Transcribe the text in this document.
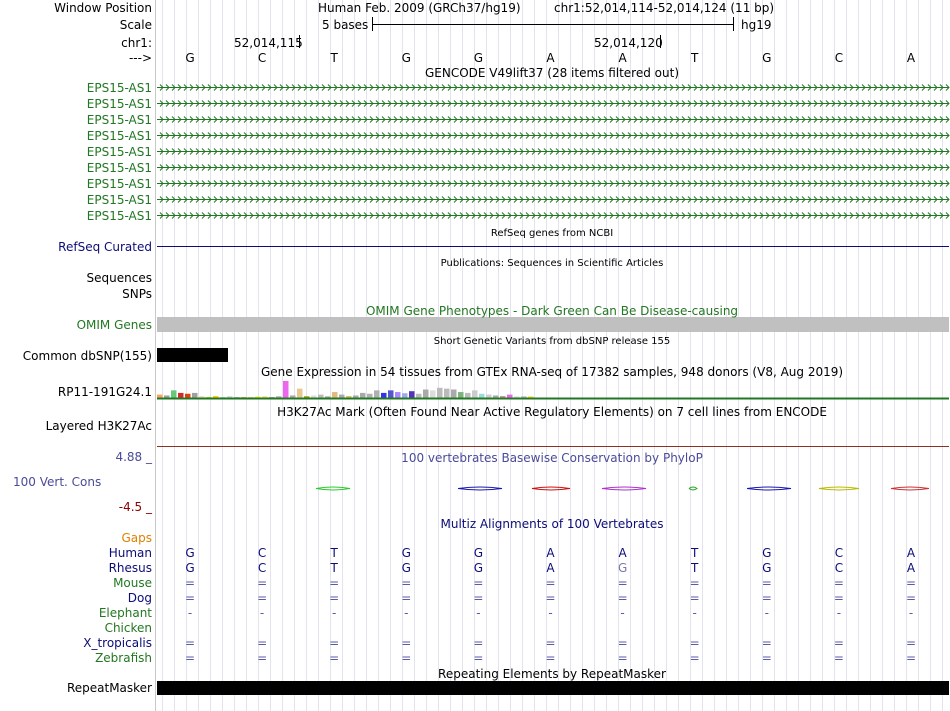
Window Position
Scale
chr1:
--->
Human Feb. 2009 (GRCh37/hg19)	chr1:52,014,114-52,014,124 (11 bp)
5 bases	hg19
52,014,115	52,014,120
G	C	T	G	G	A	A	T	G	C	A
GENCODE V49lift37 (28 items filtered out)
RefSeq genes from NCBI
Publications: Sequences in Scientific Articles
OMIM Gene Phenotypes - Dark Green Can Be Disease-causing
Short Genetic Variants from dbSNP release 155
Gene Expression in 54 tissues from GTEx RNA-seq of 17382 samples, 948 donors (V8, Aug 2019)
H3K27Ac Mark (Often Found Near Active Regulatory Elements) on 7 cell lines from ENCODE
100 vertebrates Basewise Conservation by PhyloP
Multiz Alignments of 100 Vertebrates
Repeating Elements by RepeatMasker
EPS15-AS1
EPS15-AS1
EPS15-AS1
EPS15-AS1
EPS15-AS1
EPS15-AS1
EPS15-AS1
EPS15-AS1
EPS15-AS1
RefSeq Curated
Sequences
SNPs
OMIM Genes
Common dbSNP(155)
RP11-191G24.1
Layered H3K27Ac
4.88 _
100 Vert. Cons
-4.5 _
Gaps
Human	G	C	T	G	G	A	A	T	G	C	A
Rhesus	G	C	T	G	G	A	G	T	G	C	A
Mouse	=	=	=	=	=	=	=	=	=	=	=
Dog	=	=	=	=	=	=	=	=	=	=	=
Elephant	-	-	-	-	-	-	-	-	-	-	-
Chicken
X_tropicalis	=	=	=	=	=	=	=	=	=	=	=
Zebrafish	=	=	=	=	=	=	=	=	=	=	=
RepeatMasker
